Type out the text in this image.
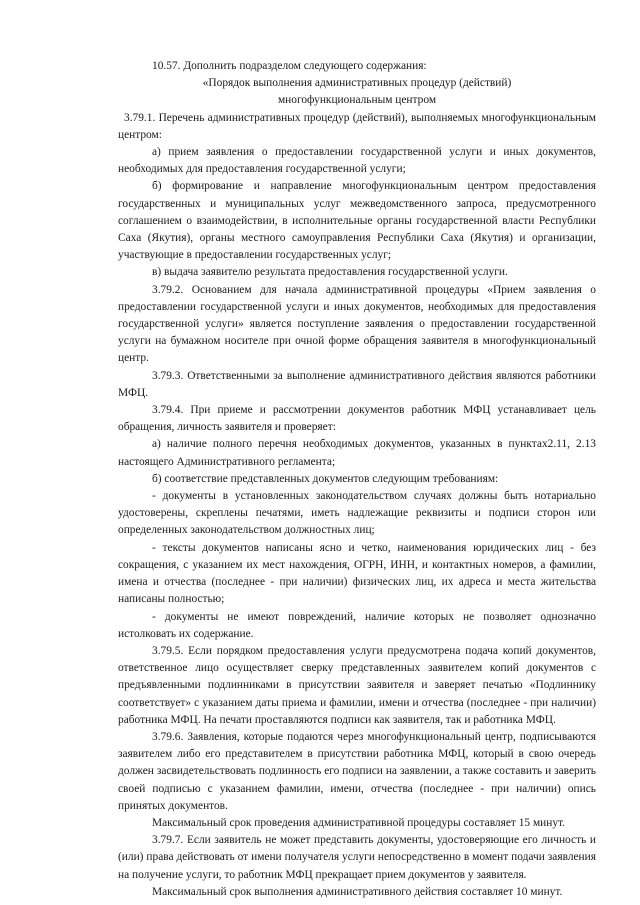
10.57. Дополнить подразделом следующего содержания:

«Порядок выполнения административных процедур (действий)

многофункциональным центром

3.79.1. Перечень административных процедур (действий), выполняемых многофункциональным центром:

а) прием заявления о предоставлении государственной услуги и иных документов, необходимых для предоставления государственной услуги;

б) формирование и направление многофункциональным центром предоставления государственных и муниципальных услуг межведомственного запроса, предусмотренного соглашением о взаимодействии, в исполнительные органы государственной власти Республики Саха (Якутия), органы местного самоуправления Республики Саха (Якутия) и организации, участвующие в предоставлении государственных услуг;

в) выдача заявителю результата предоставления государственной услуги.

3.79.2. Основанием для начала административной процедуры «Прием заявления о предоставлении государственной услуги и иных документов, необходимых для предоставления государственной услуги» является поступление заявления о предоставлении государственной услуги на бумажном носителе при очной форме обращения заявителя в многофункциональный центр.

3.79.3. Ответственными за выполнение административного действия являются работники МФЦ.

3.79.4. При приеме и рассмотрении документов работник МФЦ устанавливает цель обращения, личность заявителя и проверяет:

а) наличие полного перечня необходимых документов, указанных в пунктах2.11, 2.13 настоящего Административного регламента;

б) соответствие представленных документов следующим требованиям:

- документы в установленных законодательством случаях должны быть нотариально удостоверены, скреплены печатями, иметь надлежащие реквизиты и подписи сторон или определенных законодательством должностных лиц;

- тексты документов написаны ясно и четко, наименования юридических лиц - без сокращения, с указанием их мест нахождения, ОГРН, ИНН, и контактных номеров, а фамилии, имена и отчества (последнее - при наличии) физических лиц, их адреса и места жительства написаны полностью;

- документы не имеют повреждений, наличие которых не позволяет однозначно истолковать их содержание.

3.79.5. Если порядком предоставления услуги предусмотрена подача копий документов, ответственное лицо осуществляет сверку представленных заявителем копий документов с предъявленными подлинниками в присутствии заявителя и заверяет печатью «Подлиннику соответствует» с указанием даты приема и фамилии, имени и отчества (последнее - при наличии) работника МФЦ. На печати проставляются подписи как заявителя, так и работника МФЦ.

3.79.6. Заявления, которые подаются через многофункциональный центр, подписываются заявителем либо его представителем в присутствии работника МФЦ, который в свою очередь должен засвидетельствовать подлинность его подписи на заявлении, а также составить и заверить своей подписью с указанием фамилии, имени, отчества (последнее - при наличии) опись принятых документов.

Максимальный срок проведения административной процедуры составляет 15 минут.

3.79.7. Если заявитель не может представить документы, удостоверяющие его личность и (или) права действовать от имени получателя услуги непосредственно в момент подачи заявления на получение услуги, то работник МФЦ прекращает прием документов у заявителя.

Максимальный срок выполнения административного действия составляет 10 минут.
